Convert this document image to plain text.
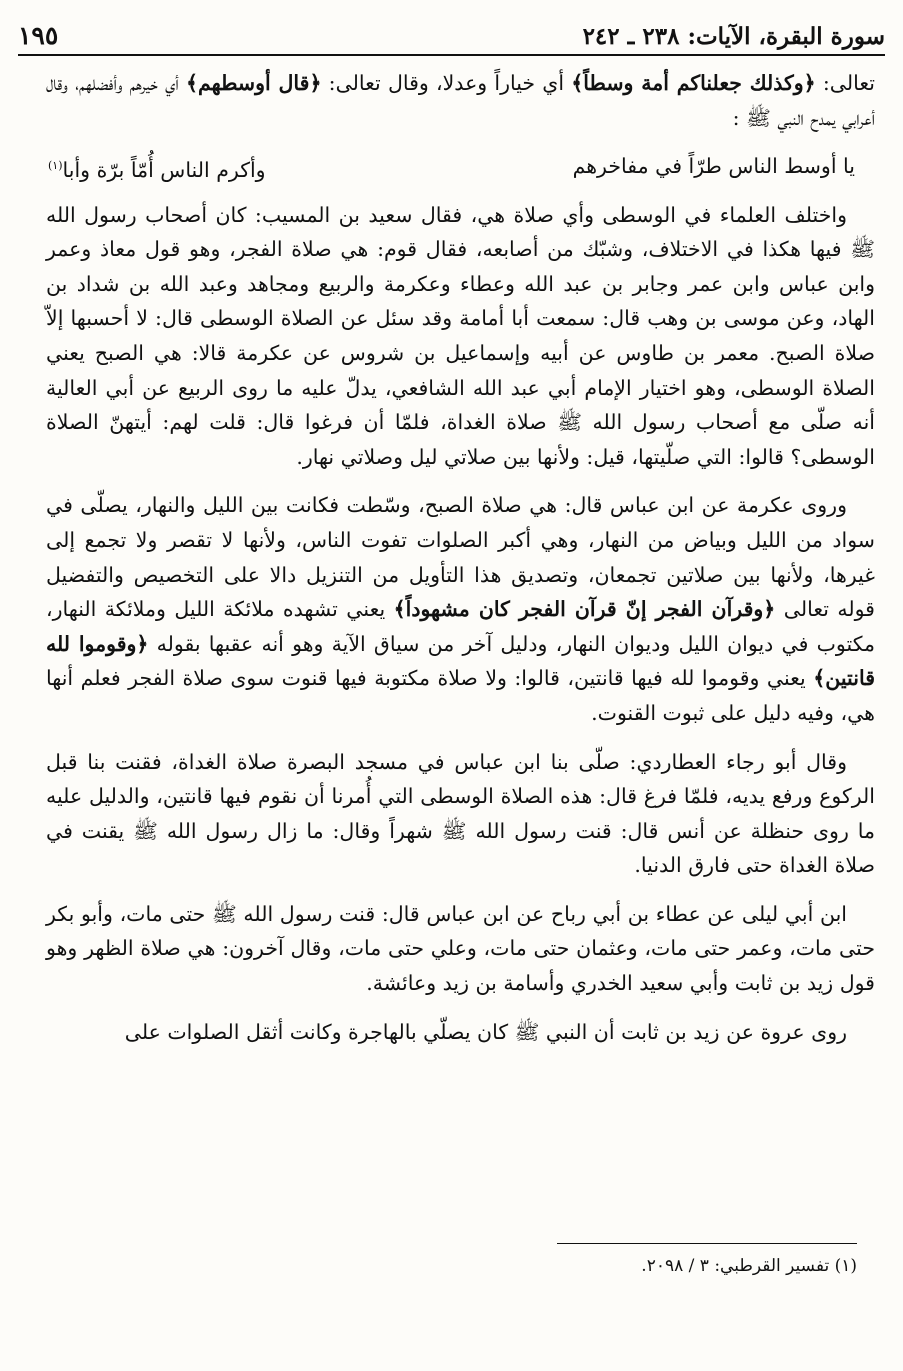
سورة البقرة، الآيات: ٢٣٨ ـ ٢٤٢
١٩٥

تعالى: ﴿وكذلك جعلناكم أمة وسطاً﴾ أي خياراً وعدلا، وقال تعالى: ﴿قال أوسطهم﴾ أي خيرهم وأفضلهم، وقال أعرابي يمدح النبي ﷺ :

يا أوسط الناس طرّاً في مفاخرهم
وأكرم الناس أُمّاً برّة وأبا$^{(١)}$

واختلف العلماء في الوسطى وأي صلاة هي، فقال سعيد بن المسيب: كان أصحاب رسول الله ﷺ فيها هكذا في الاختلاف، وشبّك من أصابعه، فقال قوم: هي صلاة الفجر، وهو قول معاذ وعمر وابن عباس وابن عمر وجابر بن عبد الله وعطاء وعكرمة والربيع ومجاهد وعبد الله بن شداد بن الهاد، وعن موسى بن وهب قال: سمعت أبا أمامة وقد سئل عن الصلاة الوسطى قال: لا أحسبها إلاّ صلاة الصبح. معمر بن طاوس عن أبيه وإسماعيل بن شروس عن عكرمة قالا: هي الصبح يعني الصلاة الوسطى، وهو اختيار الإمام أبي عبد الله الشافعي، يدلّ عليه ما روى الربيع عن أبي العالية أنه صلّى مع أصحاب رسول الله ﷺ صلاة الغداة، فلمّا أن فرغوا قال: قلت لهم: أيتهنّ الصلاة الوسطى؟ قالوا: التي صلّيتها، قيل: ولأنها بين صلاتي ليل وصلاتي نهار.

وروى عكرمة عن ابن عباس قال: هي صلاة الصبح، وسّطت فكانت بين الليل والنهار، يصلّى في سواد من الليل وبياض من النهار، وهي أكبر الصلوات تفوت الناس، ولأنها لا تقصر ولا تجمع إلى غيرها، ولأنها بين صلاتين تجمعان، وتصديق هذا التأويل من التنزيل دالا على التخصيص والتفضيل قوله تعالى ﴿وقرآن الفجر إنّ قرآن الفجر كان مشهوداً﴾ يعني تشهده ملائكة الليل وملائكة النهار، مكتوب في ديوان الليل وديوان النهار، ودليل آخر من سياق الآية وهو أنه عقبها بقوله ﴿وقوموا لله قانتين﴾ يعني وقوموا لله فيها قانتين، قالوا: ولا صلاة مكتوبة فيها قنوت سوى صلاة الفجر فعلم أنها هي، وفيه دليل على ثبوت القنوت.

وقال أبو رجاء العطاردي: صلّى بنا ابن عباس في مسجد البصرة صلاة الغداة، فقنت بنا قبل الركوع ورفع يديه، فلمّا فرغ قال: هذه الصلاة الوسطى التي أُمرنا أن نقوم فيها قانتين، والدليل عليه ما روى حنظلة عن أنس قال: قنت رسول الله ﷺ شهراً وقال: ما زال رسول الله ﷺ يقنت في صلاة الغداة حتى فارق الدنيا.

ابن أبي ليلى عن عطاء بن أبي رباح عن ابن عباس قال: قنت رسول الله ﷺ حتى مات، وأبو بكر حتى مات، وعمر حتى مات، وعثمان حتى مات، وعلي حتى مات، وقال آخرون: هي صلاة الظهر وهو قول زيد بن ثابت وأبي سعيد الخدري وأسامة بن زيد وعائشة.

روى عروة عن زيد بن ثابت أن النبي ﷺ كان يصلّي بالهاجرة وكانت أثقل الصلوات على

(١) تفسير القرطبي: ٣ / ٢٠٩٨.
